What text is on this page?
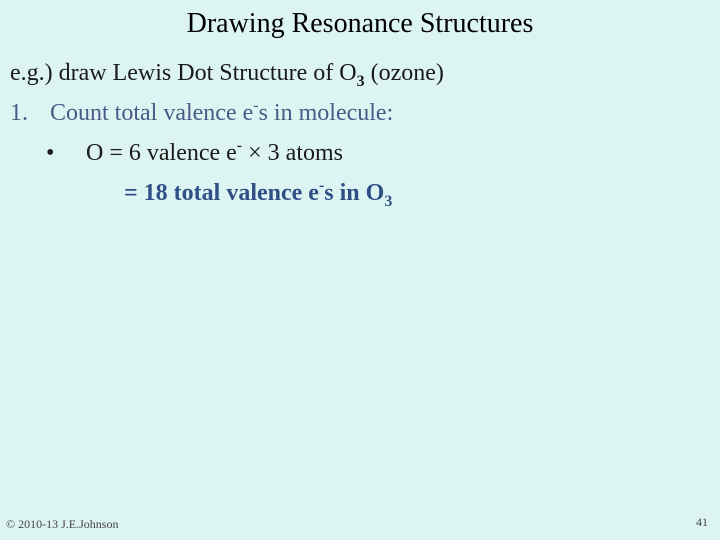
Drawing Resonance Structures
e.g.) draw Lewis Dot Structure of $O_3$ (ozone)
1. Count total valence e-s in molecule:
• O = 6 valence e- × 3 atoms
= 18 total valence e-s in $O_3$
© 2010-13 J.E.Johnson	41
